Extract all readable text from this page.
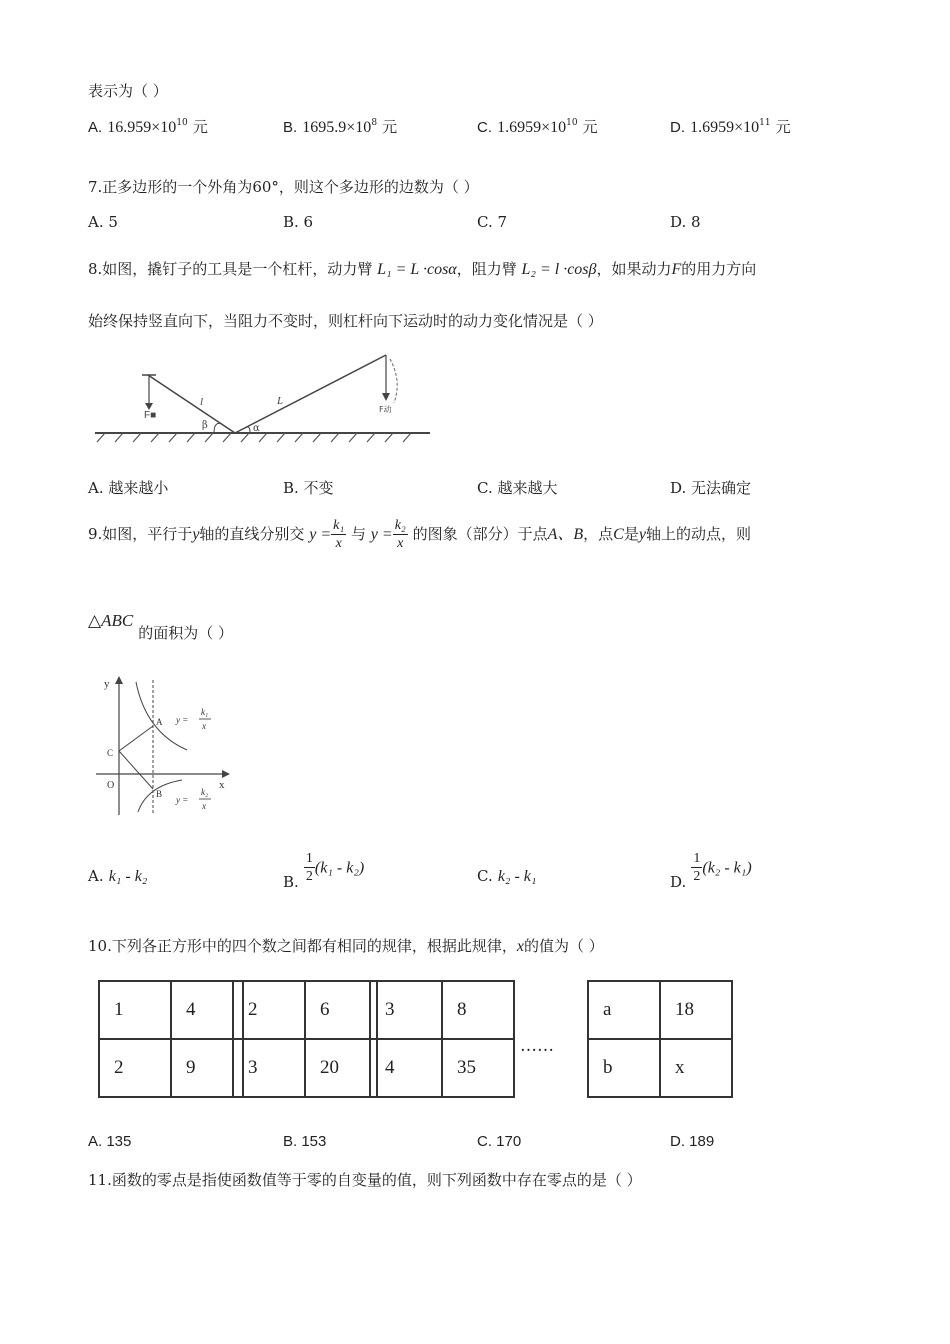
表示为（ ）
A. $16.959\times 10^{10}$ 元	B. $1695.9\times 10^8$ 元	C. $1.6959\times 10^{10}$ 元	D. $1.6959\times 10^{11}$ 元
7.正多边形的一个外角为60°，则这个多边形的边数为（ ）
A. 5	B. 6	C. 7	D. 8
8.如图，撬钉子的工具是一个杠杆，动力臂 L₁ = L ·cosα，阻力臂 L₂ = l ·cosβ，如果动力F的用力方向
始终保持竖直向下，当阻力不变时，则杠杆向下运动时的动力变化情况是（ ）
F■
l	L
β	α
F动
A. 越来越小	B. 不变	C. 越来越大	D. 无法确定
9.如图，平行于y轴的直线分别交 $y = \frac{\text{k₁}}{x}$ 与 $y = \frac{\text{k₂}}{x}$ 的图象（部分）于点A、B，点C是y轴上的动点，则
△ABC 的面积为（ ）
y
x
O
A
B
C
y =
k₁
x
y =
k₂
x
A. k₁ - k₂	B. $\frac{1}{2} (k_1 - k_2)$	C. k₂ - k₁	D. $\frac{1}{2} (k_2 - k_1)$
10.下列各正方形中的四个数之间都有相同的规律，根据此规律，x的值为（ ）
1	4
2	9
2	6
3	20
3	8
4	35
……
a	18
b	x
A. 135	B. 153	C. 170	D. 189
11.函数的零点是指使函数值等于零的自变量的值，则下列函数中存在零点的是（ ）
